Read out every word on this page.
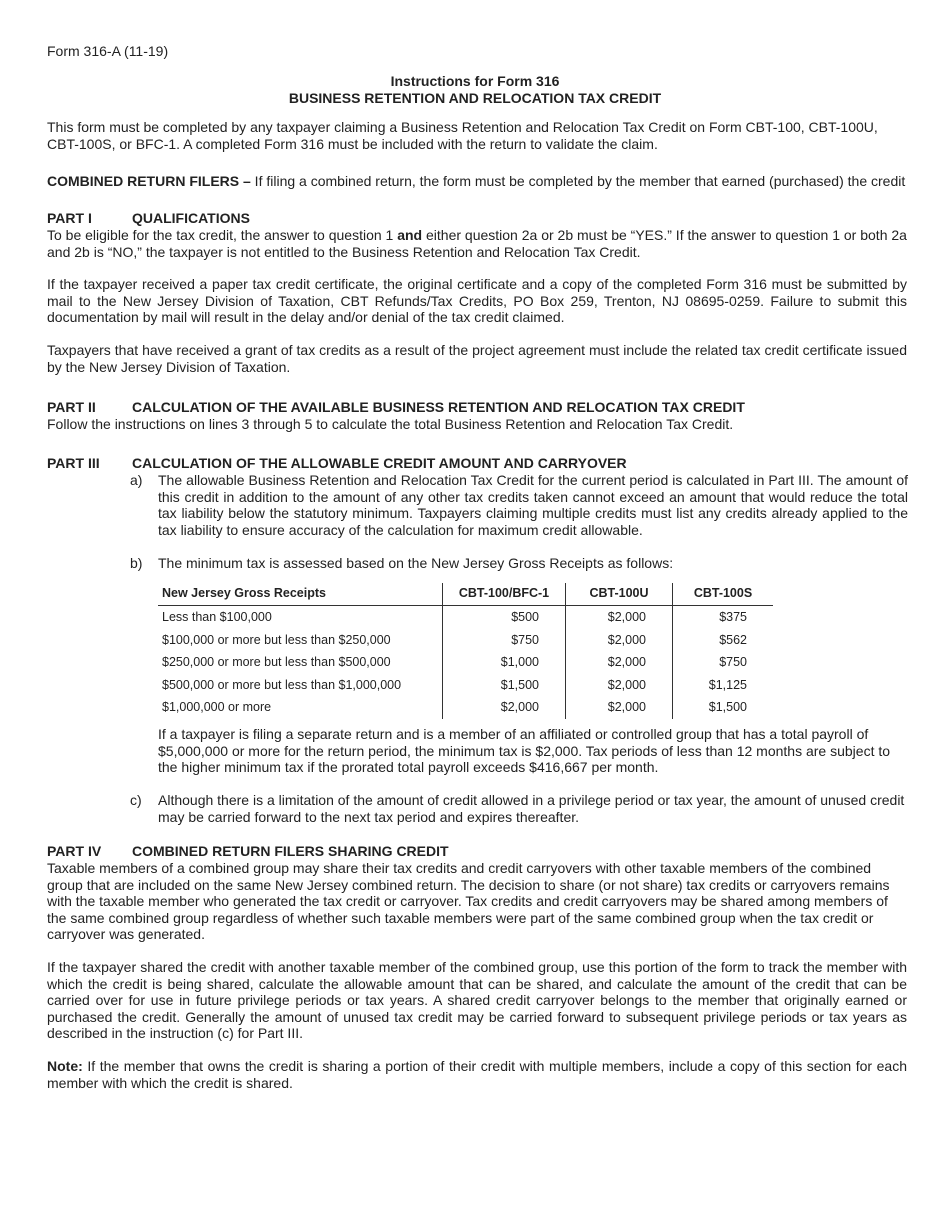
Form 316-A (11-19)
Instructions for Form 316
BUSINESS RETENTION AND RELOCATION TAX CREDIT
This form must be completed by any taxpayer claiming a Business Retention and Relocation Tax Credit on Form CBT-100, CBT-100U, CBT-100S, or BFC-1. A completed Form 316 must be included with the return to validate the claim.
COMBINED RETURN FILERS – If filing a combined return, the form must be completed by the member that earned (purchased) the credit
PART I	QUALIFICATIONS
To be eligible for the tax credit, the answer to question 1 and either question 2a or 2b must be “YES.” If the answer to question 1 or both 2a and 2b is “NO,” the taxpayer is not entitled to the Business Retention and Relocation Tax Credit.
If the taxpayer received a paper tax credit certificate, the original certificate and a copy of the completed Form 316 must be submitted by mail to the New Jersey Division of Taxation, CBT Refunds/Tax Credits, PO Box 259, Trenton, NJ 08695-0259. Failure to submit this documentation by mail will result in the delay and/or denial of the tax credit claimed.
Taxpayers that have received a grant of tax credits as a result of the project agreement must include the related tax credit certificate issued by the New Jersey Division of Taxation.
PART II	CALCULATION OF THE AVAILABLE BUSINESS RETENTION AND RELOCATION TAX CREDIT
Follow the instructions on lines 3 through 5 to calculate the total Business Retention and Relocation Tax Credit.
PART III CALCULATION OF THE ALLOWABLE CREDIT AMOUNT AND CARRYOVER
a) The allowable Business Retention and Relocation Tax Credit for the current period is calculated in Part III. The amount of this credit in addition to the amount of any other tax credits taken cannot exceed an amount that would reduce the total tax liability below the statutory minimum. Taxpayers claiming multiple credits must list any credits already applied to the tax liability to ensure accuracy of the calculation for maximum credit allowable.
b) The minimum tax is assessed based on the New Jersey Gross Receipts as follows:
New Jersey Gross Receipts	CBT-100/BFC-1	CBT-100U	CBT-100S
Less than $100,000	$500	$2,000	$375
$100,000 or more but less than $250,000	$750	$2,000	$562
$250,000 or more but less than $500,000	$1,000	$2,000	$750
$500,000 or more but less than $1,000,000	$1,500	$2,000	$1,125
$1,000,000 or more	$2,000	$2,000	$1,500
If a taxpayer is filing a separate return and is a member of an affiliated or controlled group that has a total payroll of $5,000,000 or more for the return period, the minimum tax is $2,000. Tax periods of less than 12 months are subject to the higher minimum tax if the prorated total payroll exceeds $416,667 per month.
c) Although there is a limitation of the amount of credit allowed in a privilege period or tax year, the amount of unused credit may be carried forward to the next tax period and expires thereafter.
PART IV COMBINED RETURN FILERS SHARING CREDIT
Taxable members of a combined group may share their tax credits and credit carryovers with other taxable members of the combined group that are included on the same New Jersey combined return. The decision to share (or not share) tax credits or carryovers remains with the taxable member who generated the tax credit or carryover. Tax credits and credit carryovers may be shared among members of the same combined group regardless of whether such taxable members were part of the same combined group when the tax credit or carryover was generated.
If the taxpayer shared the credit with another taxable member of the combined group, use this portion of the form to track the member with which the credit is being shared, calculate the allowable amount that can be shared, and calculate the amount of the credit that can be carried over for use in future privilege periods or tax years. A shared credit carryover belongs to the member that originally earned or purchased the credit. Generally the amount of unused tax credit may be carried forward to subsequent privilege periods or tax years as described in the instruction (c) for Part III.
Note: If the member that owns the credit is sharing a portion of their credit with multiple members, include a copy of this section for each member with which the credit is shared.
